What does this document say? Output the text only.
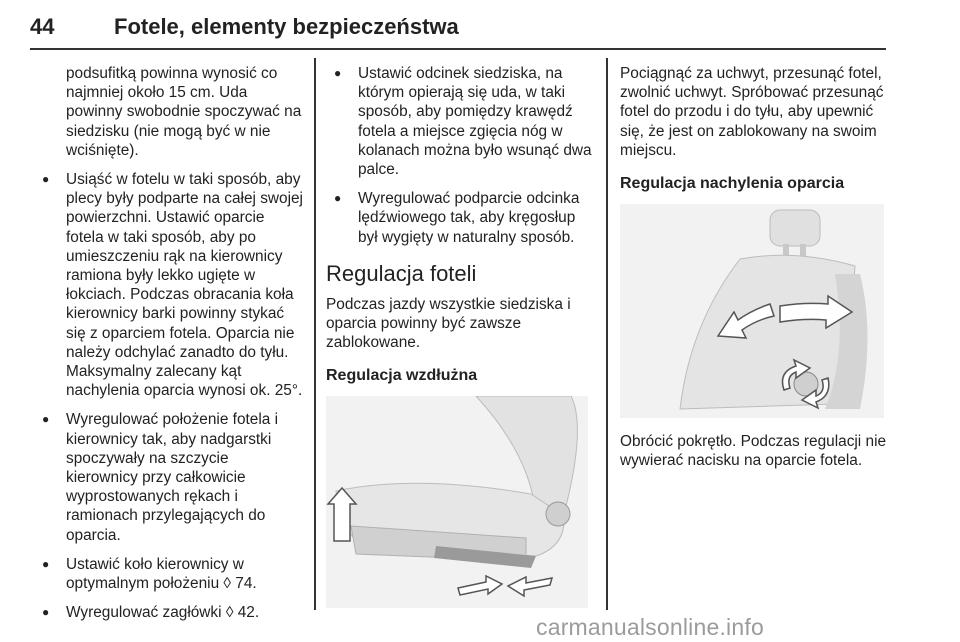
44	Fotele, elementy bezpieczeństwa

podsufitką powinna wynosić co najmniej około 15 cm. Uda powinny swobodnie spoczywać na siedzisku (nie mogą być w nie wciśnięte).

● Usiąść w fotelu w taki sposób, aby plecy były podparte na całej swojej powierzchni. Ustawić oparcie fotela w taki sposób, aby po umieszczeniu rąk na kierownicy ramiona były lekko ugięte w łokciach. Podczas obracania koła kierownicy barki powinny stykać się z oparciem fotela. Oparcia nie należy odchylać zanadto do tyłu. Maksymalny zalecany kąt nachylenia oparcia wynosi ok. 25°.
● Wyregulować położenie fotela i kierownicy tak, aby nadgarstki spoczywały na szczycie kierownicy przy całkowicie wyprostowanych rękach i ramionach przylegających do oparcia.
● Ustawić koło kierownicy w optymalnym położeniu ◊ 74.
● Wyregulować zagłówki ◊ 42.
● Ustawić odcinek siedziska, na którym opierają się uda, w taki sposób, aby pomiędzy krawędź fotela a miejsce zgięcia nóg w kolanach można było wsunąć dwa palce.
● Wyregulować podparcie odcinka lędźwiowego tak, aby kręgosłup był wygięty w naturalny sposób.
Regulacja foteli

Podczas jazdy wszystkie siedziska i oparcia powinny być zawsze zablokowane.

Regulacja wzdłużna

Pociągnąć za uchwyt, przesunąć fotel, zwolnić uchwyt. Spróbować przesunąć fotel do przodu i do tyłu, aby upewnić się, że jest on zablokowany na swoim miejscu.

Regulacja nachylenia oparcia

Obrócić pokrętło. Podczas regulacji nie wywierać nacisku na oparcie fotela.

carmanualsonline.info
